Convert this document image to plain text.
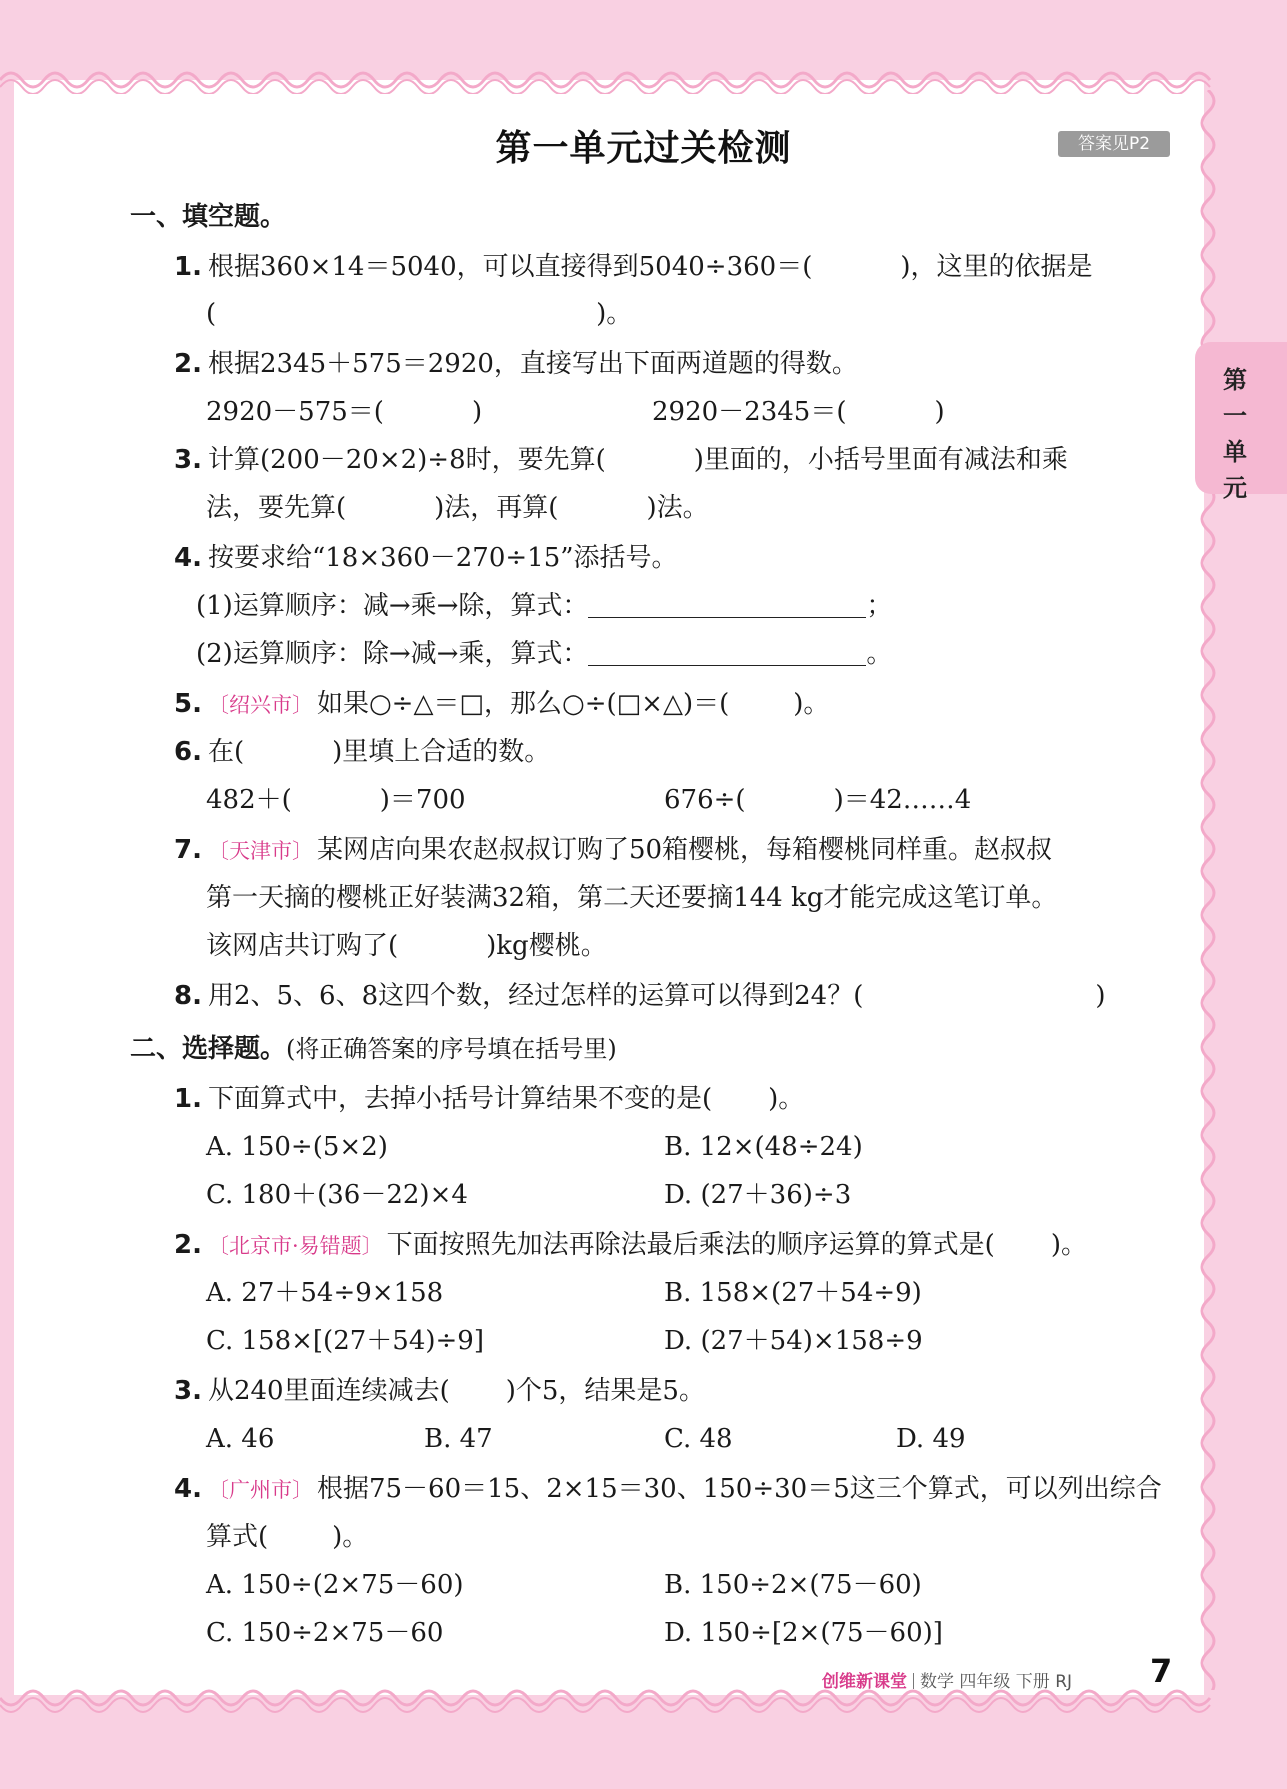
第一单元过关检测	答案见P2
第
一
单
元
一、填空题。
1. 根据360×14＝5040，可以直接得到5040÷360＝(	)，这里的依据是
(	)。
2. 根据2345＋575＝2920，直接写出下面两道题的得数。
2920－575＝(	)	2920－2345＝(	)
3. 计算(200－20×2)÷8时，要先算(	)里面的，小括号里面有减法和乘
法，要先算(	)法，再算(	)法。
4. 按要求给“18×360－270÷15”添括号。
(1)运算顺序：减→乘→除，算式：	；
(2)运算顺序：除→减→乘，算式：	。
5. 〔绍兴市〕 如果○÷△＝□，那么○÷(□×△)＝( )。
6. 在(	)里填上合适的数。
482＋(	)＝700	676÷(	)＝42……4
7. 〔天津市〕 某网店向果农赵叔叔订购了50箱樱桃，每箱樱桃同样重。赵叔叔
第一天摘的樱桃正好装满32箱，第二天还要摘144 kg才能完成这笔订单。
该网店共订购了(	)kg樱桃。
8. 用2、5、6、8这四个数，经过怎样的运算可以得到24？(	)
二、选择题。(将正确答案的序号填在括号里)
1. 下面算式中，去掉小括号计算结果不变的是( )。
A. 150÷(5×2)	B. 12×(48÷24)
C. 180＋(36－22)×4	D. (27＋36)÷3
2. 〔北京市·易错题〕 下面按照先加法再除法最后乘法的顺序运算的算式是( )。
A. 27＋54÷9×158	B. 158×(27＋54÷9)
C. 158×[(27＋54)÷9]	D. (27＋54)×158÷9
3. 从240里面连续减去( )个5，结果是5。
A. 46	B. 47	C. 48	D. 49
4. 〔广州市〕 根据75－60＝15、2×15＝30、150÷30＝5这三个算式，可以列出综合
算式( )。
A. 150÷(2×75－60)	B. 150÷2×(75－60)
C. 150÷2×75－60	D. 150÷[2×(75－60)]
创维新课堂 数学 四年级 下册 RJ 7
